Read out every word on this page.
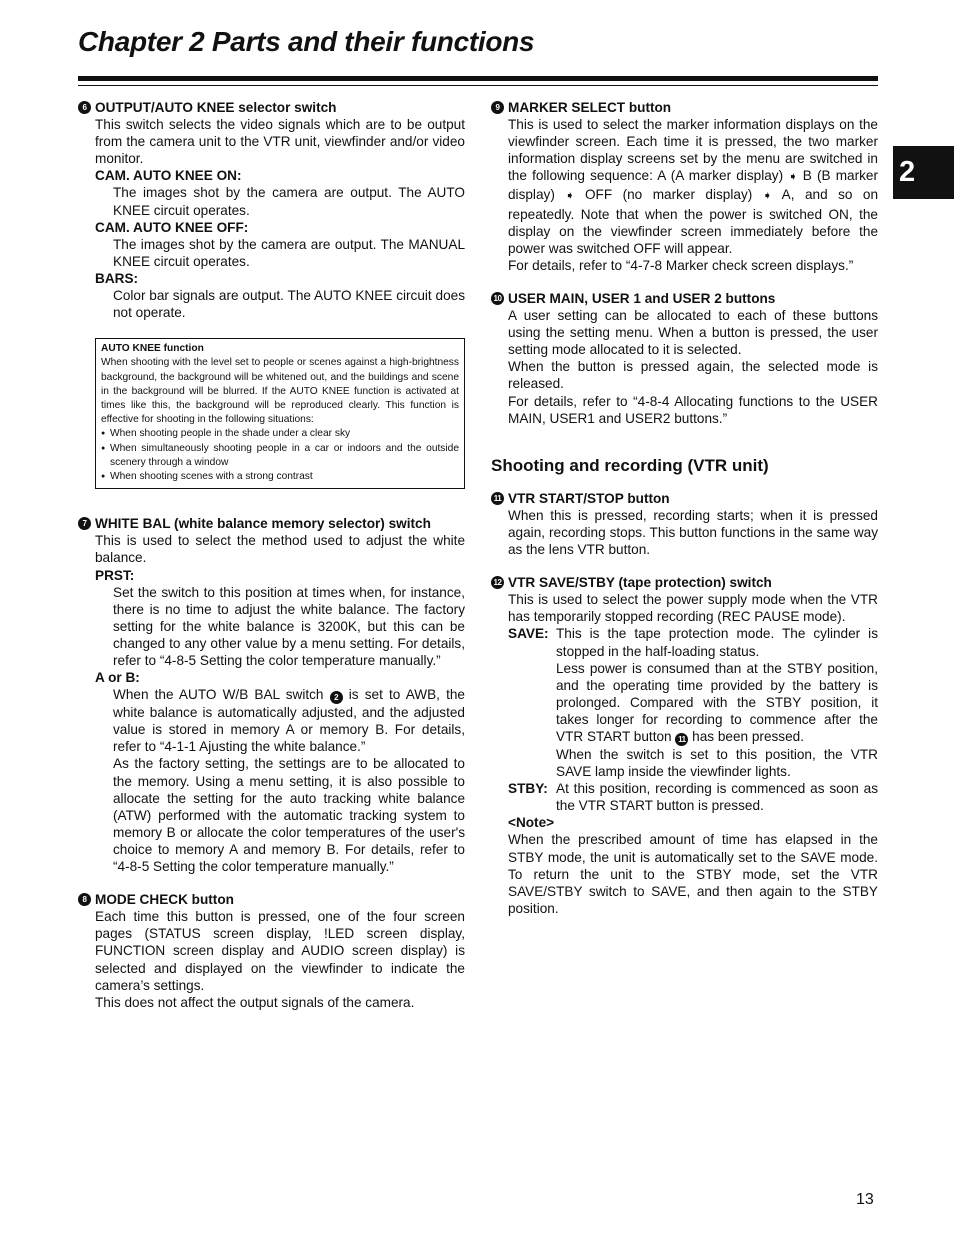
Chapter 2 Parts and their functions
2
6 OUTPUT/AUTO KNEE selector switch

This switch selects the video signals which are to be output from the camera unit to the VTR unit, viewfinder and/or video monitor.

CAM. AUTO KNEE ON:

The images shot by the camera are output. The AUTO KNEE circuit operates.

CAM. AUTO KNEE OFF:

The images shot by the camera are output. The MANUAL KNEE circuit operates.

BARS:

Color bar signals are output. The AUTO KNEE circuit does not operate.

AUTO KNEE function
When shooting with the level set to people or scenes against a high-brightness background, the background will be whitened out, and the buildings and scene in the background will be blurred. If the AUTO KNEE function is activated at times like this, the background will be reproduced clearly. This function is effective for shooting in the following situations:
● When shooting people in the shade under a clear sky
● When simultaneously shooting people in a car or indoors and the outside scenery through a window
● When shooting scenes with a strong contrast
7 WHITE BAL (white balance memory selector) switch

This is used to select the method used to adjust the white balance.

PRST:

Set the switch to this position at times when, for instance, there is no time to adjust the white balance. The factory setting for the white balance is 3200K, but this can be changed to any other value by a menu setting. For details, refer to “4-8-5 Setting the color temperature manually.”

A or B:

When the AUTO W/B BAL switch 2 is set to AWB, the white balance is automatically adjusted, and the adjusted value is stored in memory A or memory B. For details, refer to “4-1-1 Ajusting the white balance.”

As the factory setting, the settings are to be allocated to the memory. Using a menu setting, it is also possible to allocate the setting for the auto tracking white balance (ATW) performed with the automatic tracking system to memory B or allocate the color temperatures of the user's choice to memory A and memory B. For details, refer to “4-8-5 Setting the color temperature manually.”

8 MODE CHECK button

Each time this button is pressed, one of the four screen pages (STATUS screen display, !LED screen display, FUNCTION screen display and AUDIO screen display) is selected and displayed on the viewfinder to indicate the camera’s settings.

This does not affect the output signals of the camera.

9 MARKER SELECT button

This is used to select the marker information displays on the viewfinder screen. Each time it is pressed, the two marker information display screens set by the menu are switched in the following sequence: A (A marker display) ➧ B (B marker display) ➧ OFF (no marker display) ➧ A, and so on repeatedly. Note that when the power is switched ON, the display on the viewfinder screen immediately before the power was switched OFF will appear.

For details, refer to “4-7-8 Marker check screen displays.”

10 USER MAIN, USER 1 and USER 2 buttons

A user setting can be allocated to each of these buttons using the setting menu. When a button is pressed, the user setting mode allocated to it is selected.

When the button is pressed again, the selected mode is released.

For details, refer to “4-8-4 Allocating functions to the USER MAIN, USER1 and USER2 buttons.”

Shooting and recording (VTR unit)
11 VTR START/STOP button

When this is pressed, recording starts; when it is pressed again, recording stops. This button functions in the same way as the lens VTR button.

12 VTR SAVE/STBY (tape protection) switch

This is used to select the power supply mode when the VTR has temporarily stopped recording (REC PAUSE mode).

SAVE: This is the tape protection mode. The cylinder is stopped in the half-loading status.

Less power is consumed than at the STBY position, and the operating time provided by the battery is prolonged. Compared with the STBY position, it takes longer for recording to commence after the VTR START button 11 has been pressed.

When the switch is set to this position, the VTR SAVE lamp inside the viewfinder lights.

STBY: At this position, recording is commenced as soon as the VTR START button is pressed.

<Note>

When the prescribed amount of time has elapsed in the STBY mode, the unit is automatically set to the SAVE mode. To return the unit to the STBY mode, set the VTR SAVE/STBY switch to SAVE, and then again to the STBY position.

13
